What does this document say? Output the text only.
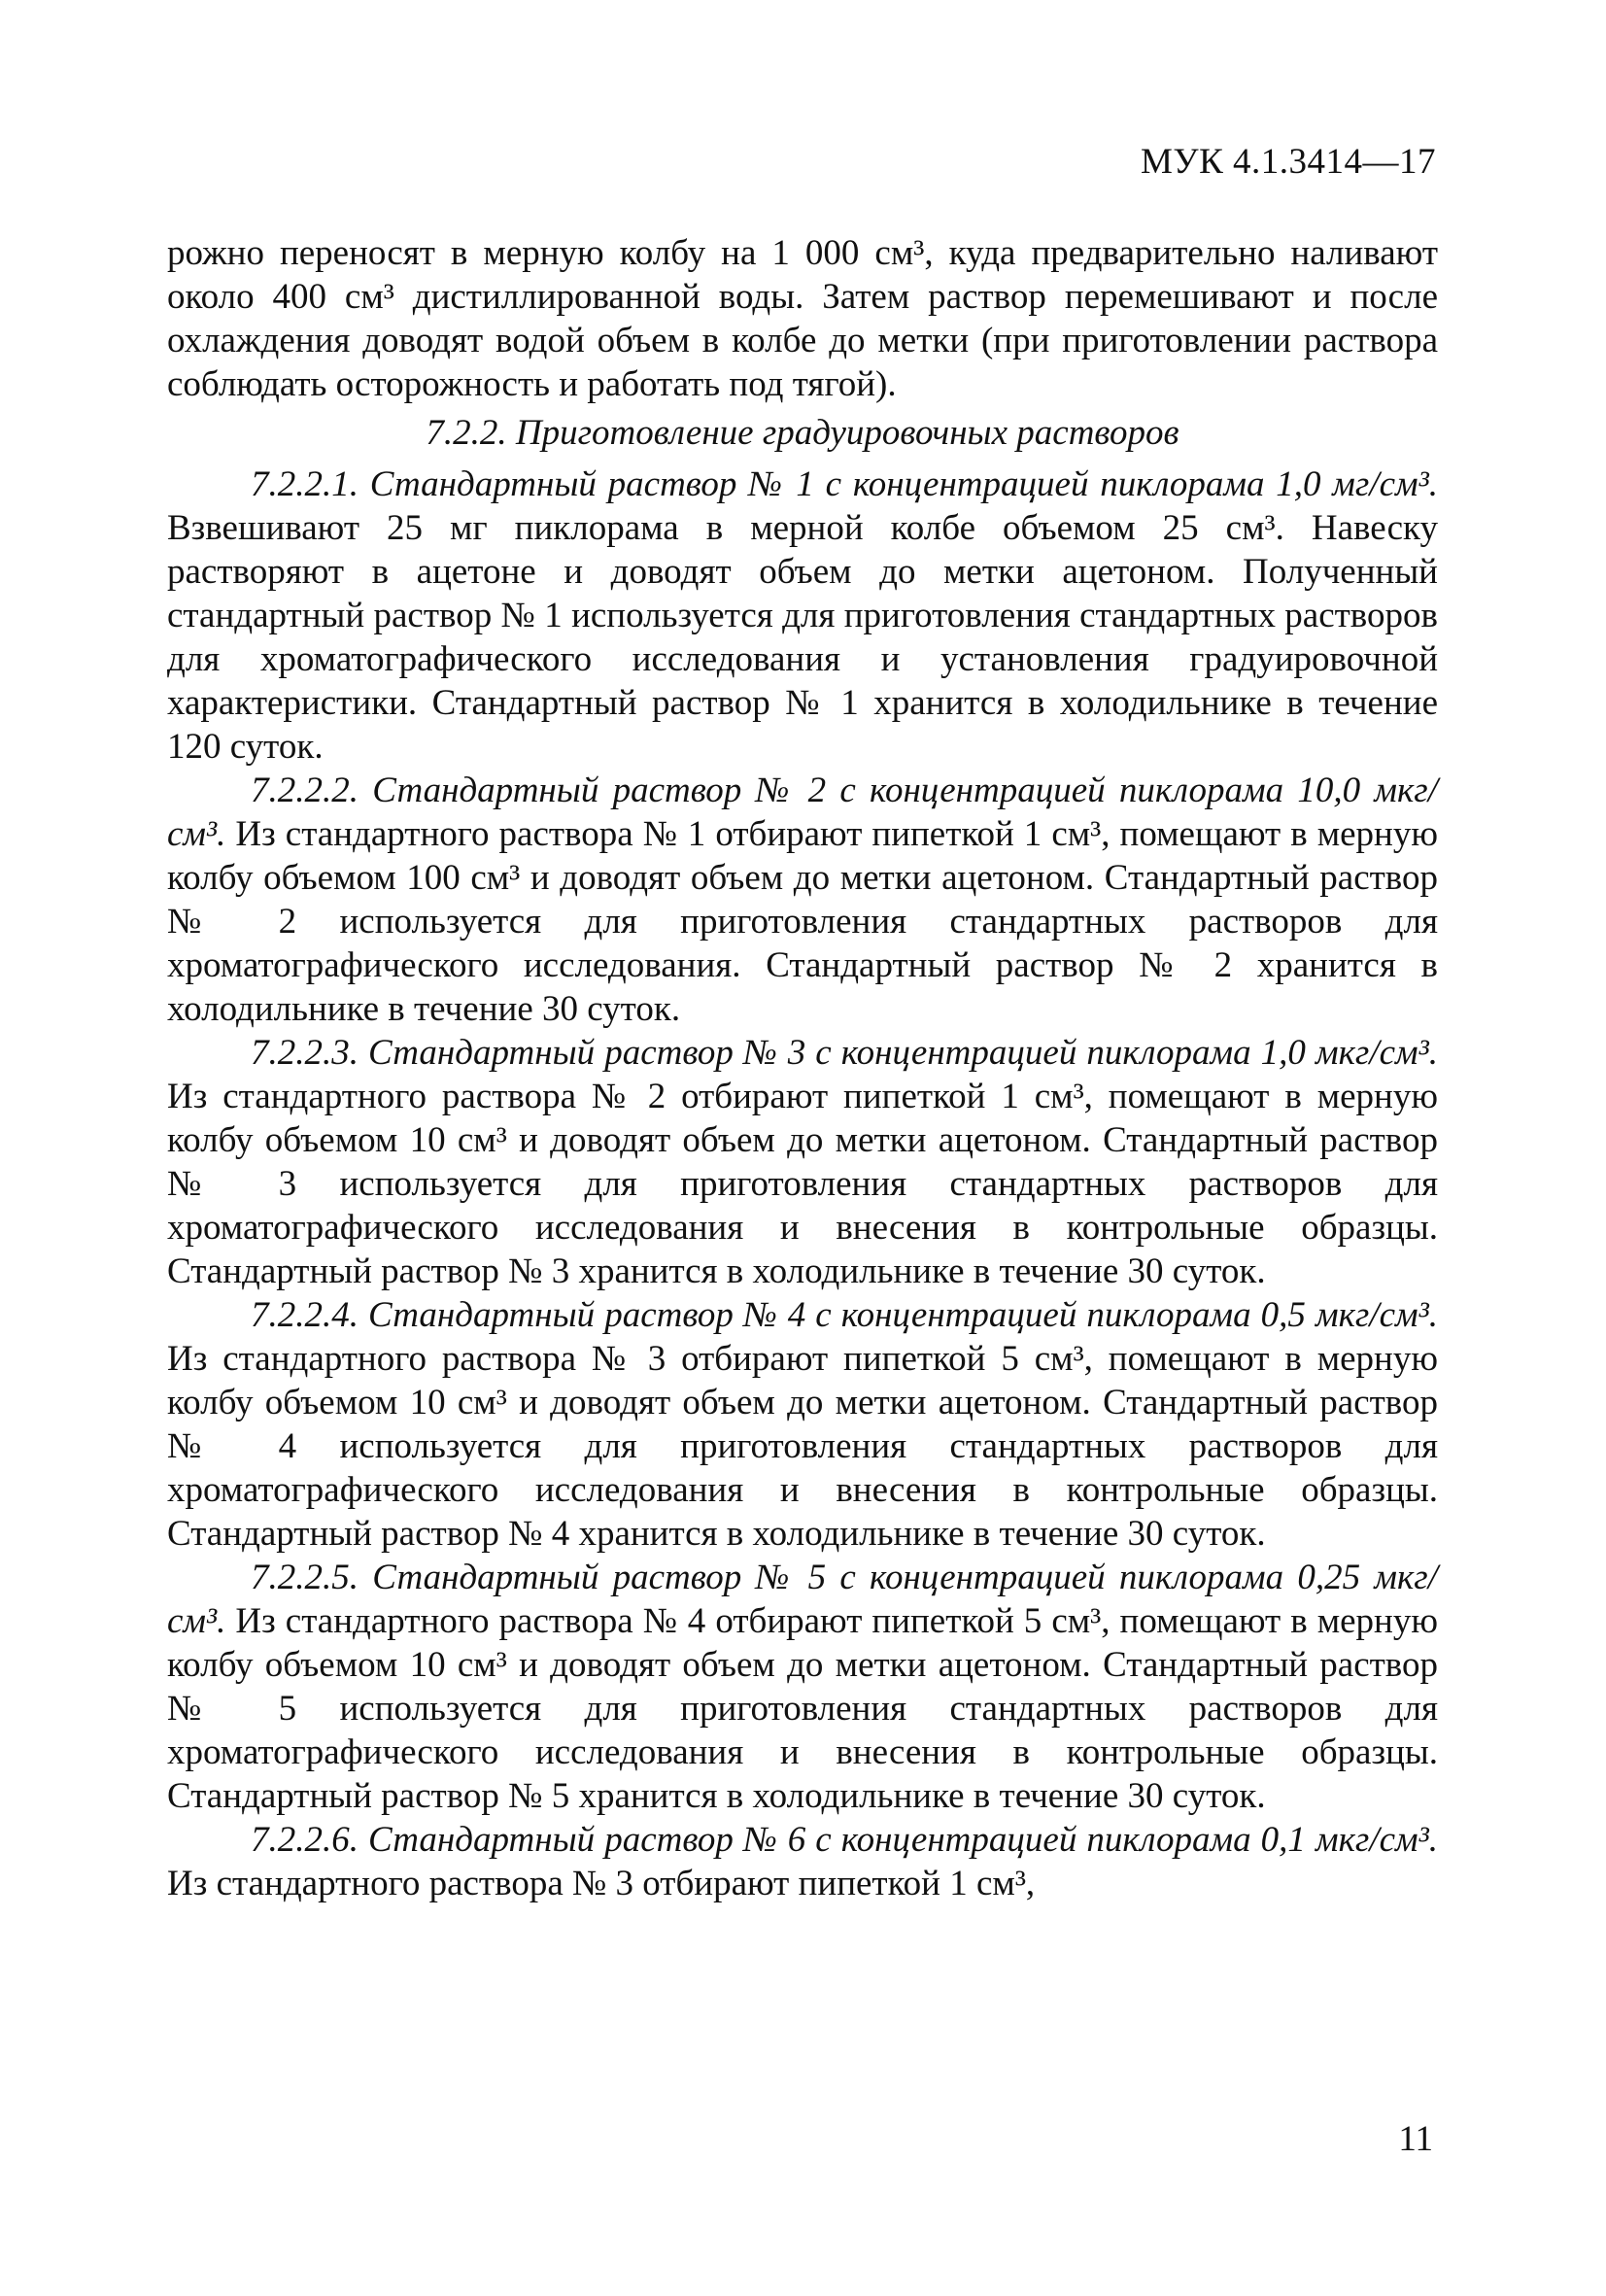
МУК 4.1.3414—17

рожно переносят в мерную колбу на 1 000 см³, куда предварительно наливают около 400 см³ дистиллированной воды. Затем раствор перемешивают и после охлаждения доводят водой объем в колбе до метки (при приготовлении раствора соблюдать осторожность и работать под тягой).

7.2.2. Приготовление градуировочных растворов

7.2.2.1. Стандартный раствор № 1 с концентрацией пиклорама 1,0 мг/см³. Взвешивают 25 мг пиклорама в мерной колбе объемом 25 см³. Навеску растворяют в ацетоне и доводят объем до метки ацетоном. Полученный стандартный раствор № 1 используется для приготовления стандартных растворов для хроматографического исследования и установления градуировочной характеристики. Стандартный раствор № 1 хранится в холодильнике в течение 120 суток.

7.2.2.2. Стандартный раствор № 2 с концентрацией пиклорама 10,0 мкг/см³. Из стандартного раствора № 1 отбирают пипеткой 1 см³, помещают в мерную колбу объемом 100 см³ и доводят объем до метки ацетоном. Стандартный раствор № 2 используется для приготовления стандартных растворов для хроматографического исследования. Стандартный раствор № 2 хранится в холодильнике в течение 30 суток.

7.2.2.3. Стандартный раствор № 3 с концентрацией пиклорама 1,0 мкг/см³. Из стандартного раствора № 2 отбирают пипеткой 1 см³, помещают в мерную колбу объемом 10 см³ и доводят объем до метки ацетоном. Стандартный раствор № 3 используется для приготовления стандартных растворов для хроматографического исследования и внесения в контрольные образцы. Стандартный раствор № 3 хранится в холодильнике в течение 30 суток.

7.2.2.4. Стандартный раствор № 4 с концентрацией пиклорама 0,5 мкг/см³. Из стандартного раствора № 3 отбирают пипеткой 5 см³, помещают в мерную колбу объемом 10 см³ и доводят объем до метки ацетоном. Стандартный раствор № 4 используется для приготовления стандартных растворов для хроматографического исследования и внесения в контрольные образцы. Стандартный раствор № 4 хранится в холодильнике в течение 30 суток.

7.2.2.5. Стандартный раствор № 5 с концентрацией пиклорама 0,25 мкг/см³. Из стандартного раствора № 4 отбирают пипеткой 5 см³, помещают в мерную колбу объемом 10 см³ и доводят объем до метки ацетоном. Стандартный раствор № 5 используется для приготовления стандартных растворов для хроматографического исследования и внесения в контрольные образцы. Стандартный раствор № 5 хранится в холодильнике в течение 30 суток.

7.2.2.6. Стандартный раствор № 6 с концентрацией пиклорама 0,1 мкг/см³. Из стандартного раствора № 3 отбирают пипеткой 1 см³,

11
